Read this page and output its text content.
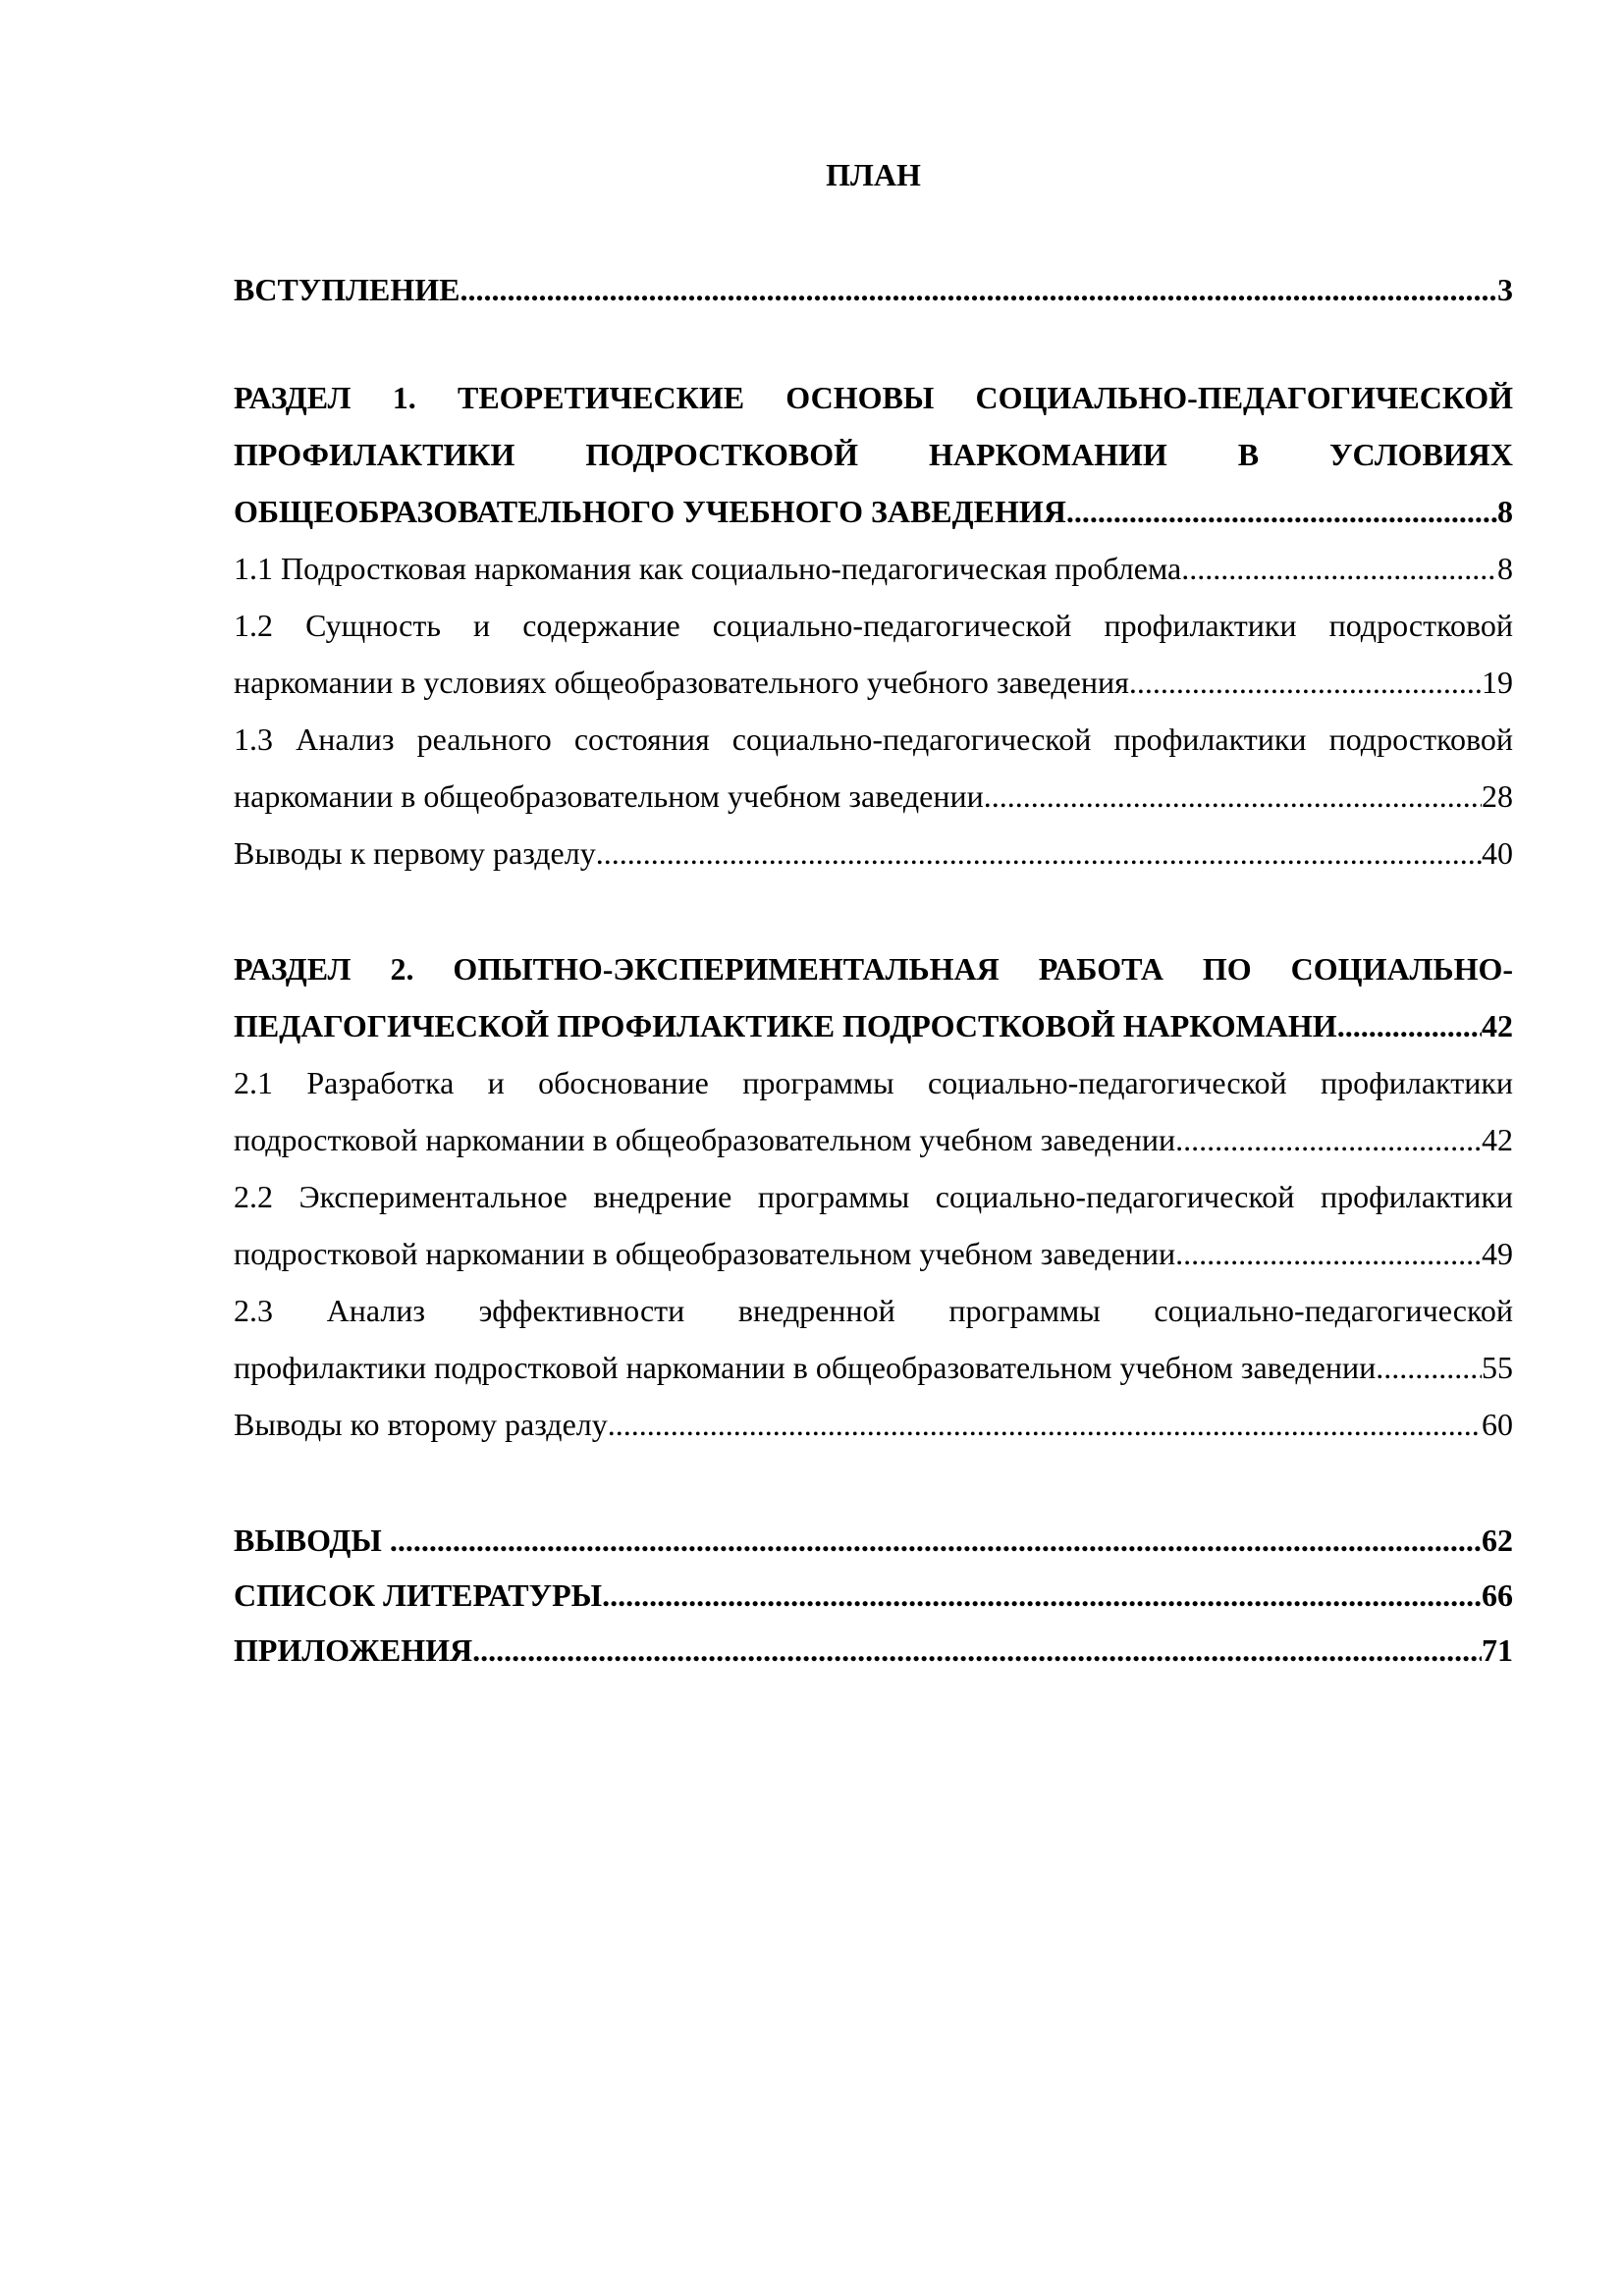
ПЛАН
ВСТУПЛЕНИЕ .....	3
РАЗДЕЛ 1. ТЕОРЕТИЧЕСКИЕ ОСНОВЫ СОЦИАЛЬНО-ПЕДАГОГИЧЕСКОЙ
ПРОФИЛАКТИКИ ПОДРОСТКОВОЙ НАРКОМАНИИ В УСЛОВИЯХ
ОБЩЕОБРАЗОВАТЕЛЬНОГО УЧЕБНОГО ЗАВЕДЕНИЯ .....	8
1.1 Подростковая наркомания как социально-педагогическая проблема .....	8
1.2 Сущность и содержание социально-педагогической профилактики подростковой
наркомании в условиях общеобразовательного учебного заведения .....	19
1.3 Анализ реального состояния социально-педагогической профилактики подростковой
наркомании в общеобразовательном учебном заведении .....	28
Выводы к первому разделу .....	40
РАЗДЕЛ 2. ОПЫТНО-ЭКСПЕРИМЕНТАЛЬНАЯ РАБОТА ПО СОЦИАЛЬНО-
ПЕДАГОГИЧЕСКОЙ ПРОФИЛАКТИКЕ ПОДРОСТКОВОЙ НАРКОМАНИ .....	42
2.1 Разработка и обоснование программы социально-педагогической профилактики
подростковой наркомании в общеобразовательном учебном заведении .....	42
2.2 Экспериментальное внедрение программы социально-педагогической профилактики
подростковой наркомании в общеобразовательном учебном заведении .....	49
2.3 Анализ эффективности внедренной программы социально-педагогической
профилактики подростковой наркомании в общеобразовательном учебном заведении .....	55
Выводы ко второму разделу .....	60
ВЫВОДЫ .....	62
СПИСОК ЛИТЕРАТУРЫ .....	66
ПРИЛОЖЕНИЯ .....	71
